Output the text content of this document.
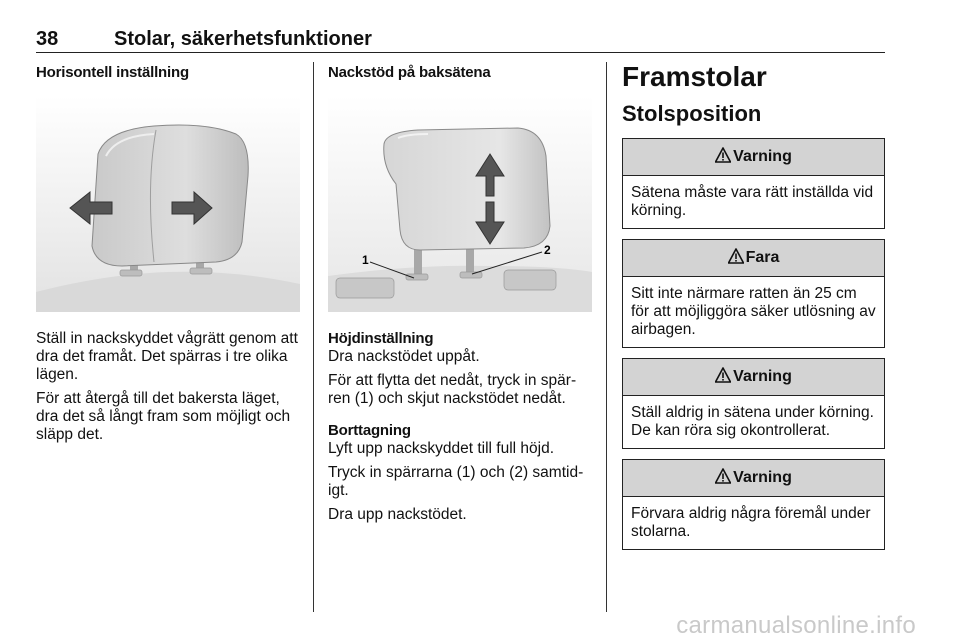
38	Stolar, säkerhetsfunktioner

Horisontell inställning

Ställ in nackskyddet vågrätt genom att dra det framåt. Det spärras i tre olika lägen.

För att återgå till det bakersta läget, dra det så långt fram som möjligt och släpp det.

Nackstöd på baksätena

1
2

Höjdinställning

Dra nackstödet uppåt.

För att flytta det nedåt, tryck in spärren (1) och skjut nackstödet nedåt.

Borttagning

Lyft upp nackskyddet till full höjd.

Tryck in spärrarna (1) och (2) samtidigt.

Dra upp nackstödet.

Framstolar

Stolsposition

Varning
Sätena måste vara rätt inställda vid körning.
Fara
Sitt inte närmare ratten än 25 cm för att möjliggöra säker utlösning av airbagen.
Varning
Ställ aldrig in sätena under körning. De kan röra sig okontrollerat.
Varning
Förvara aldrig några föremål under stolarna.
carmanualsonline.info
